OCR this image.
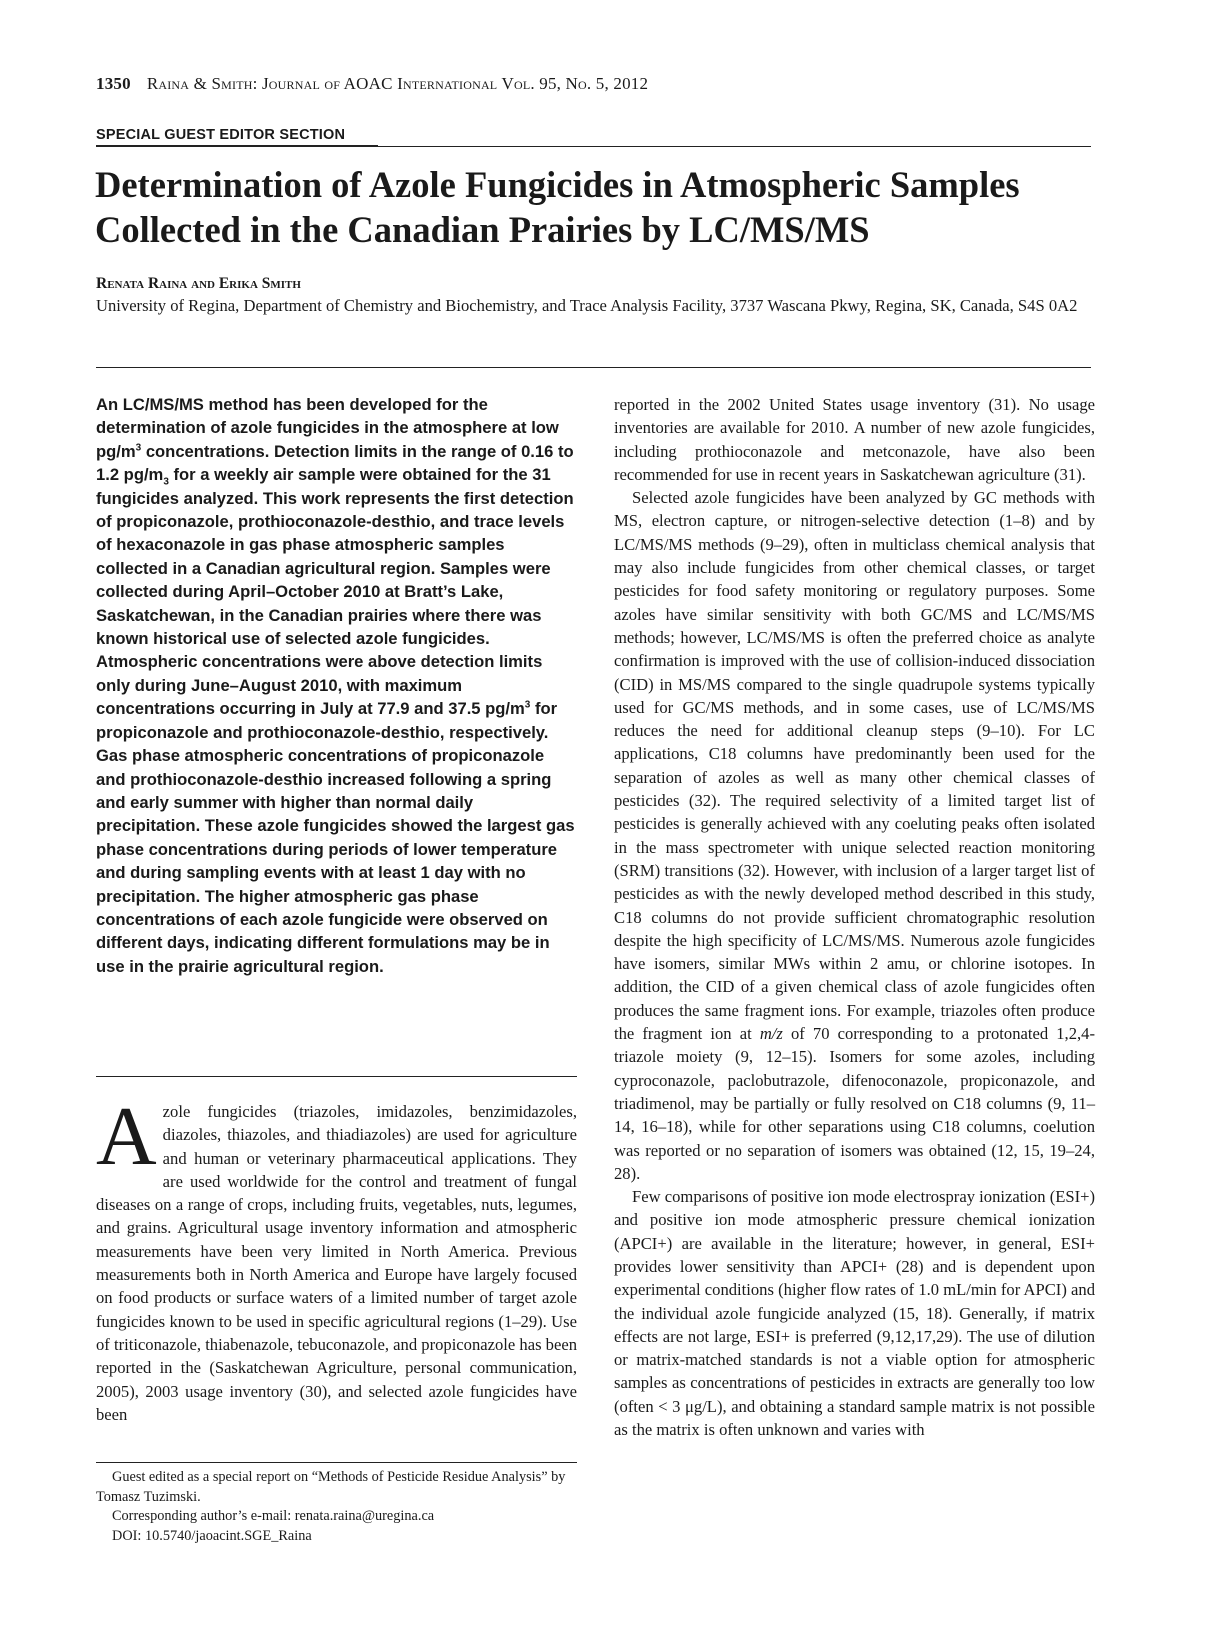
1350 Raina & Smith: Journal of AOAC International Vol. 95, No. 5, 2012
SPECIAL GUEST EDITOR SECTION
Determination of Azole Fungicides in Atmospheric Samples Collected in the Canadian Prairies by LC/MS/MS
Renata Raina and Erika Smith

University of Regina, Department of Chemistry and Biochemistry, and Trace Analysis Facility, 3737 Wascana Pkwy, Regina, SK, Canada, S4S 0A2

An LC/MS/MS method has been developed for the determination of azole fungicides in the atmosphere at low $pg/m^3$ concentrations. Detection limits in the range of 0.16 to 1.2 $pg/m_3$ for a weekly air sample were obtained for the 31 fungicides analyzed. This work represents the first detection of propiconazole, prothioconazole-desthio, and trace levels of hexaconazole in gas phase atmospheric samples collected in a Canadian agricultural region. Samples were collected during April–October 2010 at Bratt’s Lake, Saskatchewan, in the Canadian prairies where there was known historical use of selected azole fungicides. Atmospheric concentrations were above detection limits only during June–August 2010, with maximum concentrations occurring in July at 77.9 and 37.5 $pg/m^3$ for propiconazole and prothioconazole-desthio, respectively. Gas phase atmospheric concentrations of propiconazole and prothioconazole-desthio increased following a spring and early summer with higher than normal daily precipitation. These azole fungicides showed the largest gas phase concentrations during periods of lower temperature and during sampling events with at least 1 day with no precipitation. The higher atmospheric gas phase concentrations of each azole fungicide were observed on different days, indicating different formulations may be in use in the prairie agricultural region.

Azole fungicides (triazoles, imidazoles, benzimidazoles, diazoles, thiazoles, and thiadiazoles) are used for agriculture and human or veterinary pharmaceutical applications. They are used worldwide for the control and treatment of fungal diseases on a range of crops, including fruits, vegetables, nuts, legumes, and grains. Agricultural usage inventory information and atmospheric measurements have been very limited in North America. Previous measurements both in North America and Europe have largely focused on food products or surface waters of a limited number of target azole fungicides known to be used in specific agricultural regions (1–29). Use of triticonazole, thiabenazole, tebuconazole, and propiconazole has been reported in the (Saskatchewan Agriculture, personal communication, 2005), 2003 usage inventory (30), and selected azole fungicides have been

Guest edited as a special report on “Methods of Pesticide Residue Analysis” by Tomasz Tuzimski.

Corresponding author’s e-mail: renata.raina@uregina.ca

DOI: 10.5740/jaoacint.SGE_Raina

reported in the 2002 United States usage inventory (31). No usage inventories are available for 2010. A number of new azole fungicides, including prothioconazole and metconazole, have also been recommended for use in recent years in Saskatchewan agriculture (31).

Selected azole fungicides have been analyzed by GC methods with MS, electron capture, or nitrogen-selective detection (1–8) and by LC/MS/MS methods (9–29), often in multiclass chemical analysis that may also include fungicides from other chemical classes, or target pesticides for food safety monitoring or regulatory purposes. Some azoles have similar sensitivity with both GC/MS and LC/MS/MS methods; however, LC/MS/MS is often the preferred choice as analyte confirmation is improved with the use of collision-induced dissociation (CID) in MS/MS compared to the single quadrupole systems typically used for GC/MS methods, and in some cases, use of LC/MS/MS reduces the need for additional cleanup steps (9–10). For LC applications, C18 columns have predominantly been used for the separation of azoles as well as many other chemical classes of pesticides (32). The required selectivity of a limited target list of pesticides is generally achieved with any coeluting peaks often isolated in the mass spectrometer with unique selected reaction monitoring (SRM) transitions (32). However, with inclusion of a larger target list of pesticides as with the newly developed method described in this study, C18 columns do not provide sufficient chromatographic resolution despite the high specificity of LC/MS/MS. Numerous azole fungicides have isomers, similar MWs within 2 amu, or chlorine isotopes. In addition, the CID of a given chemical class of azole fungicides often produces the same fragment ions. For example, triazoles often produce the fragment ion at m/z of 70 corresponding to a protonated 1,2,4-triazole moiety (9, 12–15). Isomers for some azoles, including cyproconazole, paclobutrazole, difenoconazole, propiconazole, and triadimenol, may be partially or fully resolved on C18 columns (9, 11–14, 16–18), while for other separations using C18 columns, coelution was reported or no separation of isomers was obtained (12, 15, 19–24, 28).

Few comparisons of positive ion mode electrospray ionization (ESI+) and positive ion mode atmospheric pressure chemical ionization (APCI+) are available in the literature; however, in general, ESI+ provides lower sensitivity than APCI+ (28) and is dependent upon experimental conditions (higher flow rates of 1.0 mL/min for APCI) and the individual azole fungicide analyzed (15, 18). Generally, if matrix effects are not large, ESI+ is preferred (9,12,17,29). The use of dilution or matrix-matched standards is not a viable option for atmospheric samples as concentrations of pesticides in extracts are generally too low (often < 3 μg/L), and obtaining a standard sample matrix is not possible as the matrix is often unknown and varies with
